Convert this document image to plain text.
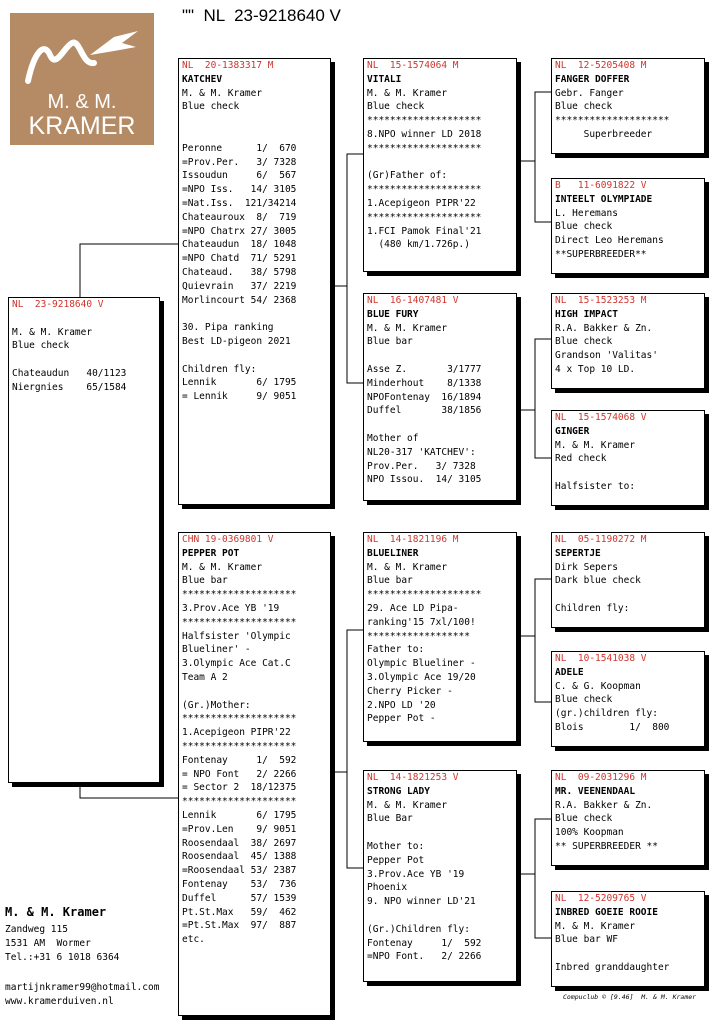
""  NL  23-9218640 V
M. & M.
KRAMER
NL  23-9218640 V

M. & M. Kramer
Blue check

Chateaudun   40/1123
Niergnies    65/1584
NL  20-1383317 M
KATCHEV
M. & M. Kramer
Blue check

Peronne      1/  670
=Prov.Per.   3/ 7328
Issoudun     6/  567
=NPO Iss.   14/ 3105
=Nat.Iss.  121/34214
Chateauroux  8/  719
=NPO Chatrx 27/ 3005
Chateaudun  18/ 1048
=NPO Chatd  71/ 5291
Chateaud.   38/ 5798
Quievrain   37/ 2219
Morlincourt 54/ 2368

30. Pipa ranking
Best LD-pigeon 2021

Children fly:
Lennik       6/ 1795
= Lennik     9/ 9051
CHN 19-0369801 V
PEPPER POT
M. & M. Kramer
Blue bar
********************
3.Prov.Ace YB '19
********************
Halfsister 'Olympic
Blueliner' -
3.Olympic Ace Cat.C
Team A 2

(Gr.)Mother:
********************
1.Acepigeon PIPR'22
********************
Fontenay     1/  592
= NPO Font   2/ 2266
= Sector 2  18/12375
********************
Lennik       6/ 1795
=Prov.Len    9/ 9051
Roosendaal  38/ 2697
Roosendaal  45/ 1388
=Roosendaal 53/ 2387
Fontenay    53/  736
Duffel      57/ 1539
Pt.St.Max   59/  462
=Pt.St.Max  97/  887
etc.
NL  15-1574064 M
VITALI
M. & M. Kramer
Blue check
********************
8.NPO winner LD 2018
********************

(Gr)Father of:
********************
1.Acepigeon PIPR'22
********************
1.FCI Pamok Final'21
(480 km/1.726p.)
NL  16-1407481 V
BLUE FURY
M. & M. Kramer
Blue bar

Asse Z.       3/1777
Minderhout    8/1338
NPOFontenay  16/1894
Duffel       38/1856

Mother of
NL20-317 'KATCHEV':
Prov.Per.   3/ 7328
NPO Issou.  14/ 3105
NL  14-1821196 M
BLUELINER
M. & M. Kramer
Blue bar
********************
29. Ace LD Pipa-
ranking'15 7xl/100!
******************
Father to:
Olympic Blueliner -
3.Olympic Ace 19/20
Cherry Picker -
2.NPO LD '20
Pepper Pot -
NL  14-1821253 V
STRONG LADY
M. & M. Kramer
Blue Bar

Mother to:
Pepper Pot
3.Prov.Ace YB '19
Phoenix
9. NPO winner LD'21

(Gr.)Children fly:
Fontenay     1/  592
=NPO Font.   2/ 2266
NL  12-5205408 M
FANGER DOFFER
Gebr. Fanger
Blue check
********************
Superbreeder
B   11-6091822 V
INTEELT OLYMPIADE
L. Heremans
Blue check
Direct Leo Heremans
**SUPERBREEDER**
NL  15-1523253 M
HIGH IMPACT
R.A. Bakker & Zn.
Blue check
Grandson 'Valitas'
4 x Top 10 LD.
NL  15-1574068 V
GINGER
M. & M. Kramer
Red check

Halfsister to:
NL  05-1190272 M
SEPERTJE
Dirk Sepers
Dark blue check

Children fly:
NL  10-1541038 V
ADELE
C. & G. Koopman
Blue check
(gr.)children fly:
Blois        1/  800
NL  09-2031296 M
MR. VEENENDAAL
R.A. Bakker & Zn.
Blue check
100% Koopman
** SUPERBREEDER **
NL  12-5209765 V
INBRED GOEIE ROOIE
M. & M. Kramer
Blue bar WF

Inbred granddaughter
M. & M. Kramer
Zandweg 115
1531 AM  Wormer
Tel.:+31 6 1018 6364
martijnkramer99@hotmail.com
www.kramerduiven.nl	Compuclub © [9.46]  M. & M. Kramer
